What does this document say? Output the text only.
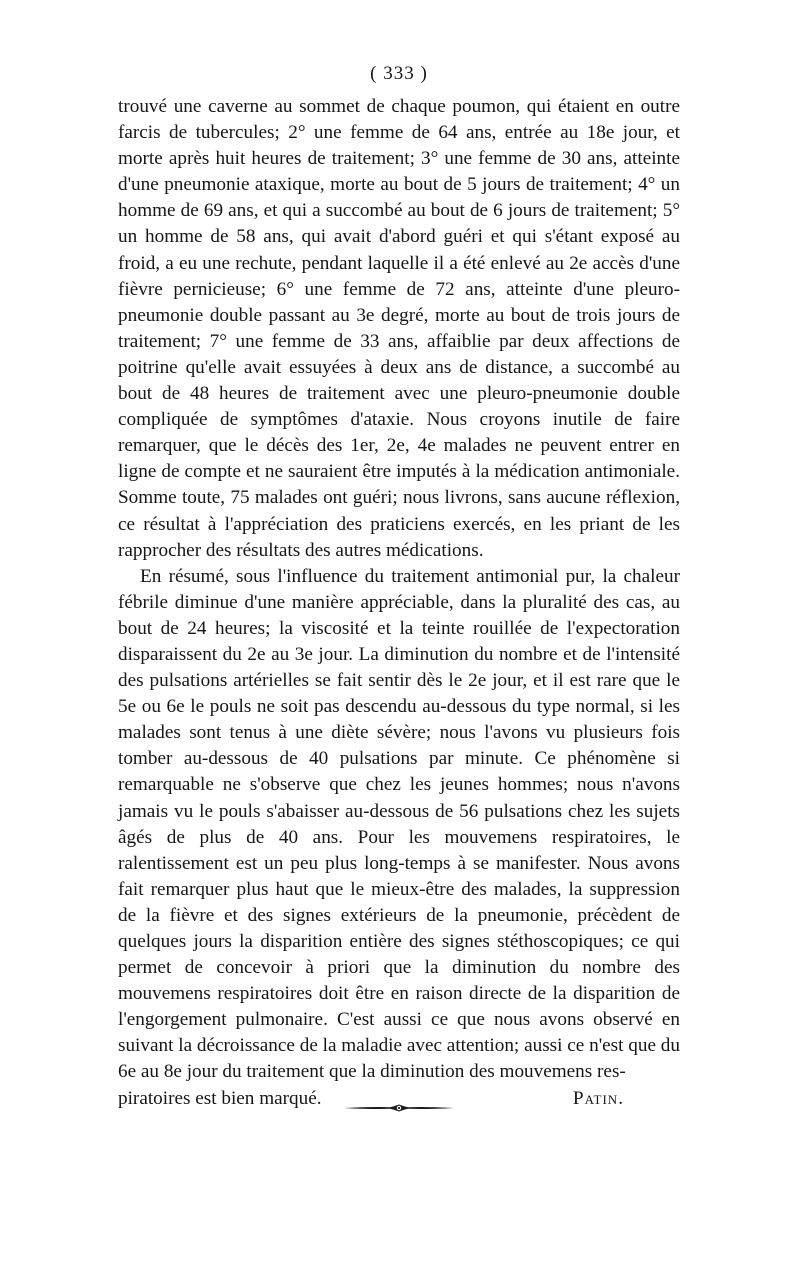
( 333 )

trouvé une caverne au sommet de chaque poumon, qui étaient en outre farcis de tubercules; 2° une femme de 64 ans, entrée au 18e jour, et morte après huit heures de traitement; 3° une femme de 30 ans, atteinte d'une pneumonie ataxique, morte au bout de 5 jours de traitement; 4° un homme de 69 ans, et qui a succombé au bout de 6 jours de traitement; 5° un homme de 58 ans, qui avait d'abord guéri et qui s'étant exposé au froid, a eu une rechute, pendant laquelle il a été enlevé au 2e accès d'une fièvre pernicieuse; 6° une femme de 72 ans, atteinte d'une pleuro-pneumonie double passant au 3e degré, morte au bout de trois jours de traitement; 7° une femme de 33 ans, affaiblie par deux affections de poitrine qu'elle avait essuyées à deux ans de distance, a succombé au bout de 48 heures de traitement avec une pleuro-pneumonie double compliquée de symptômes d'ataxie. Nous croyons inutile de faire remarquer, que le décès des 1er, 2e, 4e malades ne peuvent entrer en ligne de compte et ne sauraient être imputés à la médication antimoniale. Somme toute, 75 malades ont guéri; nous livrons, sans aucune réflexion, ce résultat à l'appréciation des praticiens exercés, en les priant de les rapprocher des résultats des autres médications.

En résumé, sous l'influence du traitement antimonial pur, la chaleur fébrile diminue d'une manière appréciable, dans la pluralité des cas, au bout de 24 heures; la viscosité et la teinte rouillée de l'expectoration disparaissent du 2e au 3e jour. La diminution du nombre et de l'intensité des pulsations artérielles se fait sentir dès le 2e jour, et il est rare que le 5e ou 6e le pouls ne soit pas descendu au-dessous du type normal, si les malades sont tenus à une diète sévère; nous l'avons vu plusieurs fois tomber au-dessous de 40 pulsations par minute. Ce phénomène si remarquable ne s'observe que chez les jeunes hommes; nous n'avons jamais vu le pouls s'abaisser au-dessous de 56 pulsations chez les sujets âgés de plus de 40 ans. Pour les mouvemens respiratoires, le ralentissement est un peu plus long-temps à se manifester. Nous avons fait remarquer plus haut que le mieux-être des malades, la suppression de la fièvre et des signes extérieurs de la pneumonie, précèdent de quelques jours la disparition entière des signes stéthoscopiques; ce qui permet de concevoir à priori que la diminution du nombre des mouvemens respiratoires doit être en raison directe de la disparition de l'engorgement pulmonaire. C'est aussi ce que nous avons observé en suivant la décroissance de la maladie avec attention; aussi ce n'est que du 6e au 8e jour du traitement que la diminution des mouvemens res-

piratoires est bien marqué.	Patin.
